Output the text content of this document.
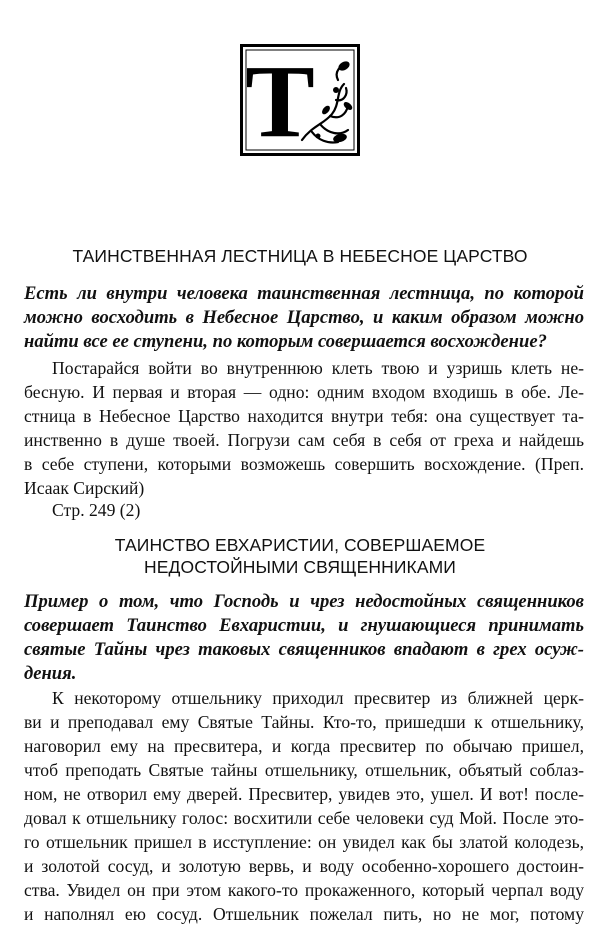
Т
ТАИНСТВЕННАЯ ЛЕСТНИЦА В НЕБЕСНОЕ ЦАРСТВО
Есть ли внутри человека таинственная лестница, по которой
можно восходить в Небесное Царство, и каким образом можно
найти все ее ступени, по которым совершается восхождение?
Постарайся войти во внутреннюю клеть твою и узришь клеть не-
бесную. И первая и вторая — одно: одним входом входишь в обе. Ле-
стница в Небесное Царство находится внутри тебя: она существует та-
инственно в душе твоей. Погрузи сам себя в себя от греха и найдешь
в себе ступени, которыми возможешь совершить восхождение. (Преп.
Исаак Сирский)
Стр. 249 (2)
ТАИНСТВО ЕВХАРИСТИИ, СОВЕРШАЕМОЕ
НЕДОСТОЙНЫМИ СВЯЩЕННИКАМИ
Пример о том, что Господь и чрез недостойных священников
совершает Таинство Евхаристии, и гнушающиеся принимать
святые Тайны чрез таковых священников впадают в грех осуж-
дения.
К некоторому отшельнику приходил пресвитер из ближней церк-
ви и преподавал ему Святые Тайны. Кто-то, пришедши к отшельнику,
наговорил ему на пресвитера, и когда пресвитер по обычаю пришел,
чтоб преподать Святые тайны отшельнику, отшельник, объятый соблаз-
ном, не отворил ему дверей. Пресвитер, увидев это, ушел. И вот! после-
довал к отшельнику голос: восхитили себе человеки суд Мой. После это-
го отшельник пришел в исступление: он увидел как бы златой колодезь,
и золотой сосуд, и золотую вервь, и воду особенно-хорошего достоин-
ства. Увидел он при этом какого-то прокаженного, который черпал воду
и наполнял ею сосуд. Отшельник пожелал пить, но не мог, потому
